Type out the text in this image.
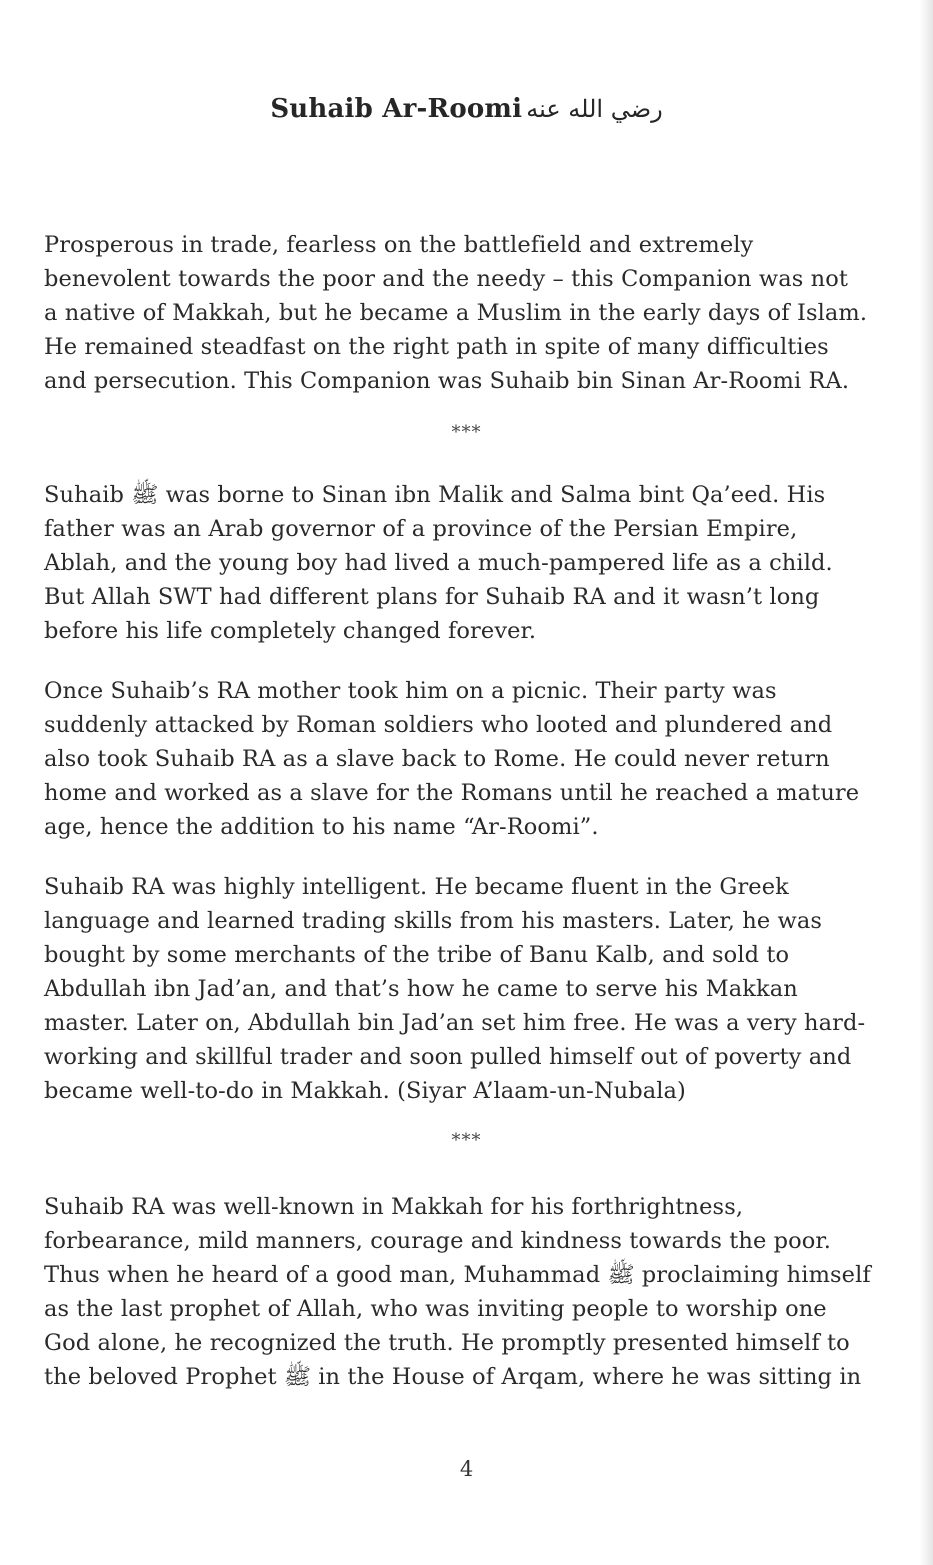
Suhaib Ar-Roomi رضي الله عنه
Prosperous in trade, fearless on the battlefield and extremely
benevolent towards the poor and the needy – this Companion was not
a native of Makkah, but he became a Muslim in the early days of Islam.
He remained steadfast on the right path in spite of many difficulties
and persecution. This Companion was Suhaib bin Sinan Ar-Roomi RA.
***
Suhaib ﷺ was borne to Sinan ibn Malik and Salma bint Qa’eed. His
father was an Arab governor of a province of the Persian Empire,
Ablah, and the young boy had lived a much-pampered life as a child.
But Allah SWT had different plans for Suhaib RA and it wasn’t long
before his life completely changed forever.
Once Suhaib’s RA mother took him on a picnic. Their party was
suddenly attacked by Roman soldiers who looted and plundered and
also took Suhaib RA as a slave back to Rome. He could never return
home and worked as a slave for the Romans until he reached a mature
age, hence the addition to his name “Ar-Roomi”.
Suhaib RA was highly intelligent. He became fluent in the Greek
language and learned trading skills from his masters. Later, he was
bought by some merchants of the tribe of Banu Kalb, and sold to
Abdullah ibn Jad’an, and that’s how he came to serve his Makkan
master. Later on, Abdullah bin Jad’an set him free. He was a very hard-
working and skillful trader and soon pulled himself out of poverty and
became well-to-do in Makkah. (Siyar A’laam-un-Nubala)
***
Suhaib RA was well-known in Makkah for his forthrightness,
forbearance, mild manners, courage and kindness towards the poor.
Thus when he heard of a good man, Muhammad ﷺ proclaiming himself
as the last prophet of Allah, who was inviting people to worship one
God alone, he recognized the truth. He promptly presented himself to
the beloved Prophet ﷺ in the House of Arqam, where he was sitting in
4
